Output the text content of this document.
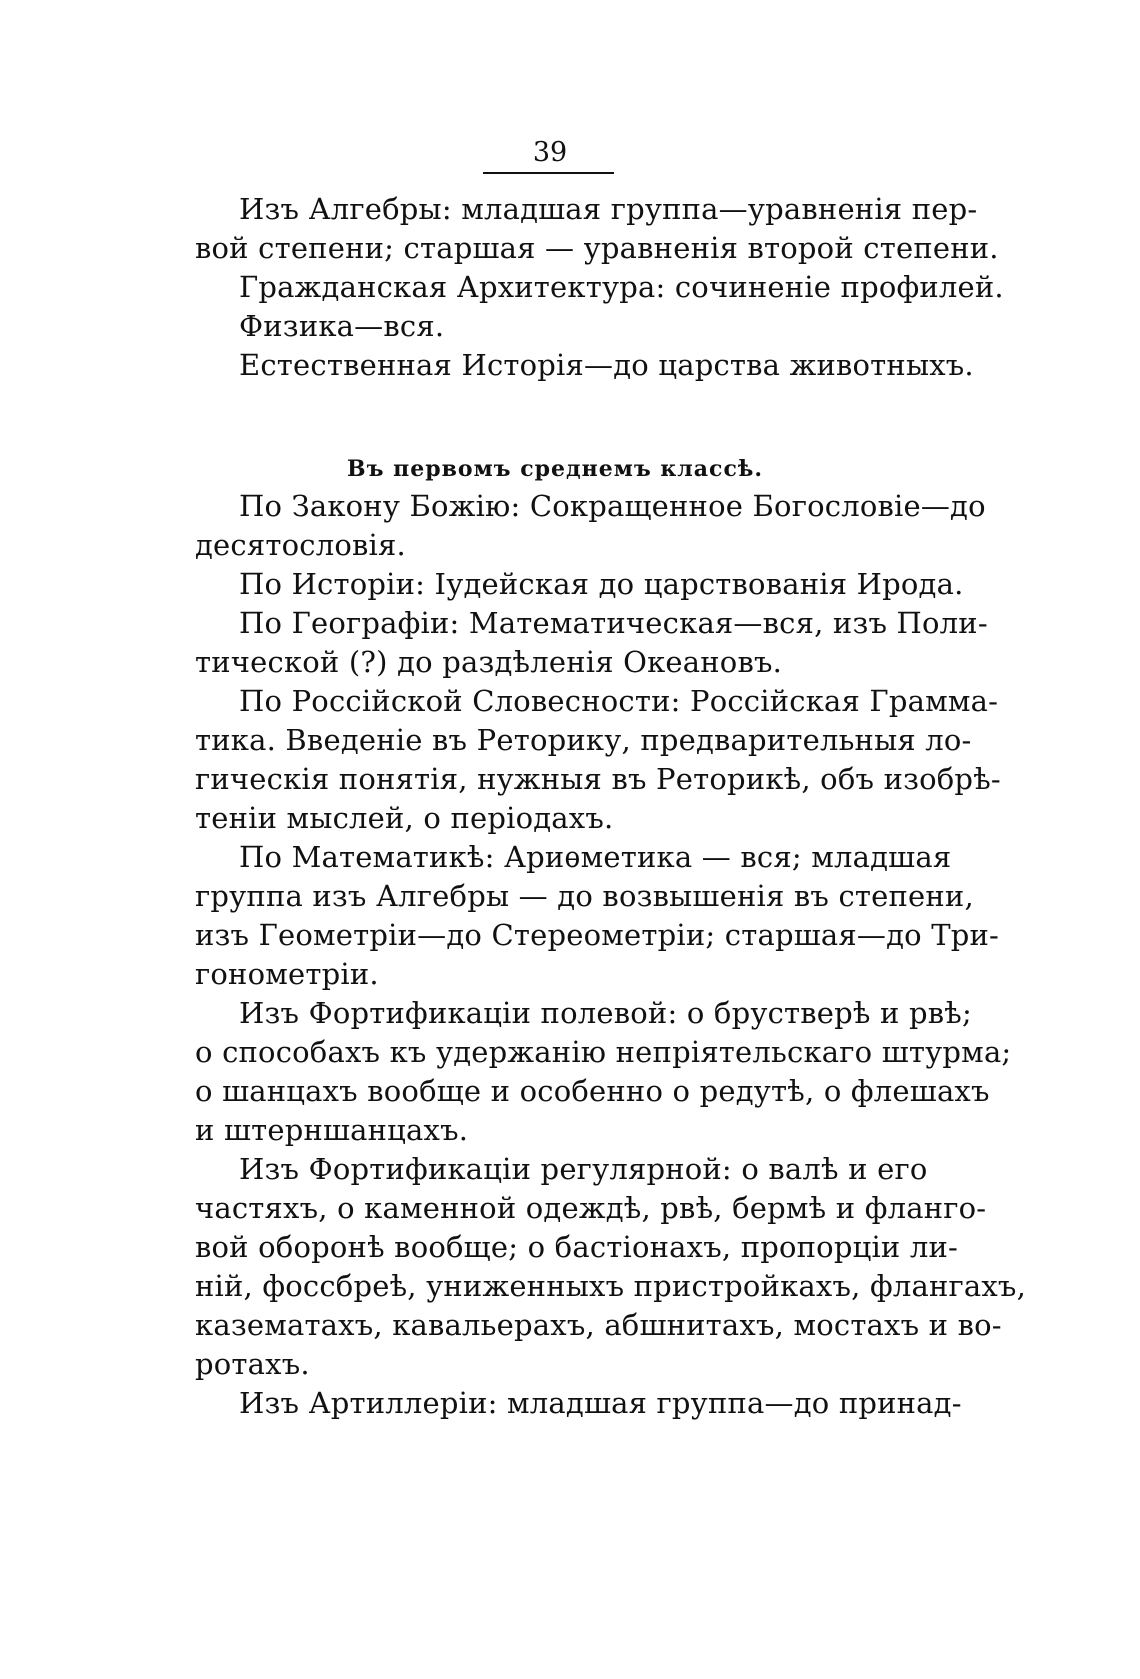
39
Изъ Алгебры: младшая группа—уравненія пер-
вой степени; старшая — уравненія второй степени.
Гражданская Архитектура: сочиненіе профилей.
Физика—вся.
Естественная Исторія—до царства животныхъ.
Въ первомъ среднемъ классѣ.
По Закону Божію: Сокращенное Богословіе—до
десятословія.
По Исторіи: Іудейская до царствованія Ирода.
По Географіи: Математическая—вся, изъ Поли-
тической (?) до раздѣленія Океановъ.
По Россійской Словесности: Россійская Грамма-
тика. Введеніе въ Реторику, предварительныя ло-
гическія понятія, нужныя въ Реторикѣ, объ изобрѣ-
теніи мыслей, о періодахъ.
По Математикѣ: Ариѳметика — вся; младшая
группа изъ Алгебры — до возвышенія въ степени,
изъ Геометріи—до Стереометріи; старшая—до Три-
гонометріи.
Изъ Фортификаціи полевой: о брустверѣ и рвѣ;
о способахъ къ удержанію непріятельскаго штурма;
о шанцахъ вообще и особенно о редутѣ, о флешахъ
и штерншанцахъ.
Изъ Фортификаціи регулярной: о валѣ и его
частяхъ, о каменной одеждѣ, рвѣ, бермѣ и фланго-
вой оборонѣ вообще; о бастіонахъ, пропорціи ли-
ній, фоссбреѣ, униженныхъ пристройкахъ, флангахъ,
казематахъ, кавальерахъ, абшнитахъ, мостахъ и во-
ротахъ.
Изъ Артиллеріи: младшая группа—до принад-
